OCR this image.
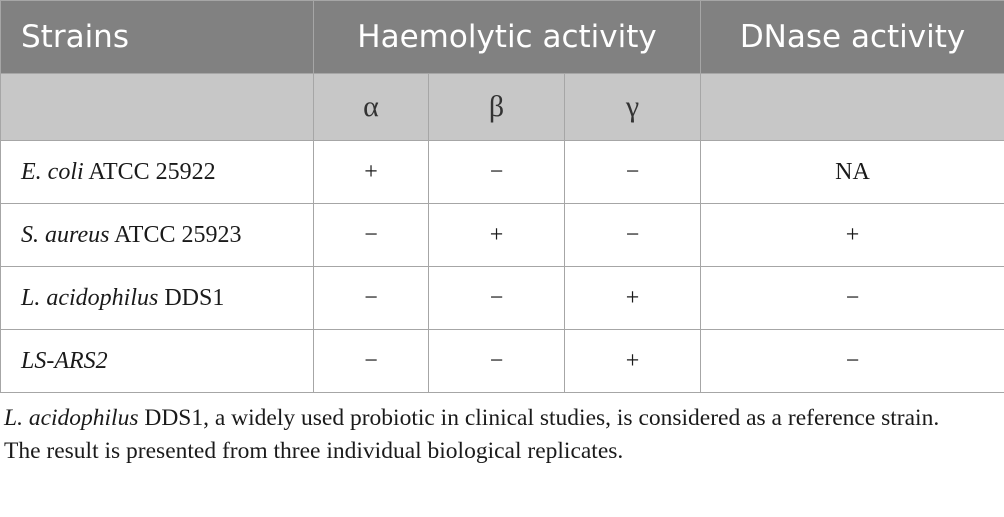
Strains	Haemolytic activity			DNase activity
	α	β	γ	
E. coli ATCC 25922	+	−	−	NA
S. aureus ATCC 25923	−	+	−	+
L. acidophilus DDS1	−	−	+	−
LS-ARS2	−	−	+	−

L. acidophilus DDS1, a widely used probiotic in clinical studies, is considered as a reference strain.

The result is presented from three individual biological replicates.
